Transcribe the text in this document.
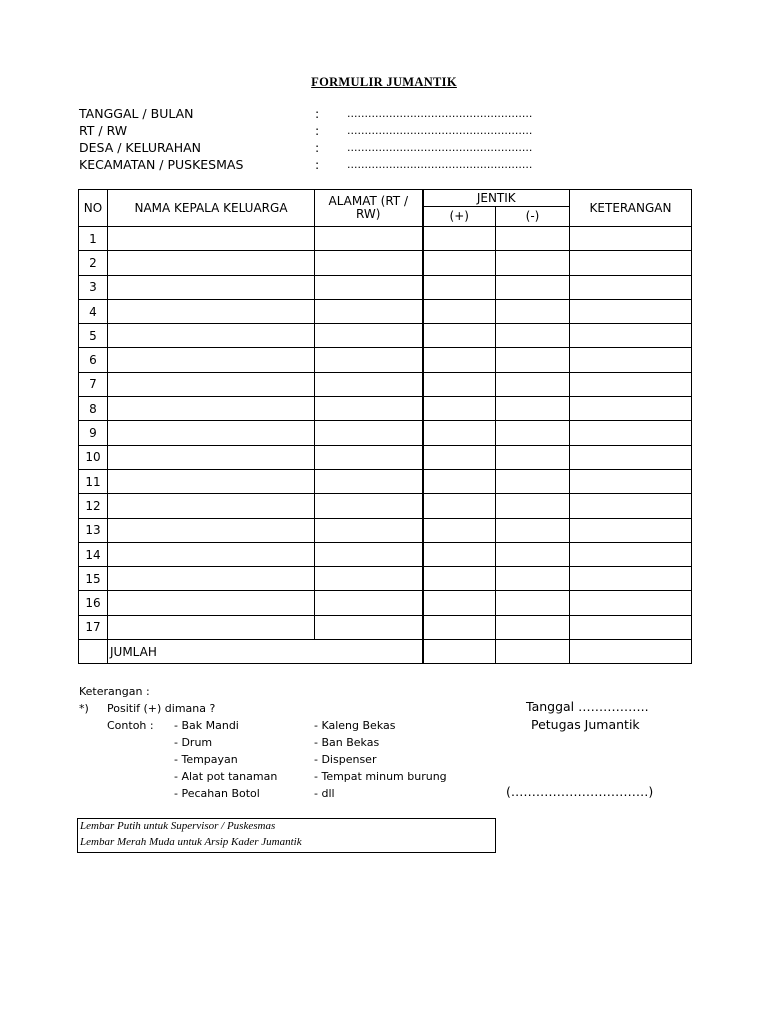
FORMULIR JUMANTIK
TANGGAL / BULAN	:	.....................................................
RT / RW	:	.....................................................
DESA / KELURAHAN	:	.....................................................
KECAMATAN / PUSKESMAS	:	.....................................................
NO	NAMA KEPALA KELUARGA	ALAMAT (RT / RW)	JENTIK		KETERANGAN
			(+)	(-)	
1					
2					
3					
4					
5					
6					
7					
8					
9					
10					
11					
12					
13					
14					
15					
16					
17					
	JUMLAH				
Keterangan :
*) Positif (+) dimana ?
Contoh : - Bak Mandi
- Drum
- Tempayan
- Alat pot tanaman
- Pecahan Botol
- Kaleng Bekas
- Ban Bekas
- Dispenser
- Tempat minum burung
- dll
Tanggal ……………..
Petugas Jumantik
(……………………………)
Lembar Putih untuk Supervisor / Puskesmas
Lembar Merah Muda untuk Arsip Kader Jumantik
